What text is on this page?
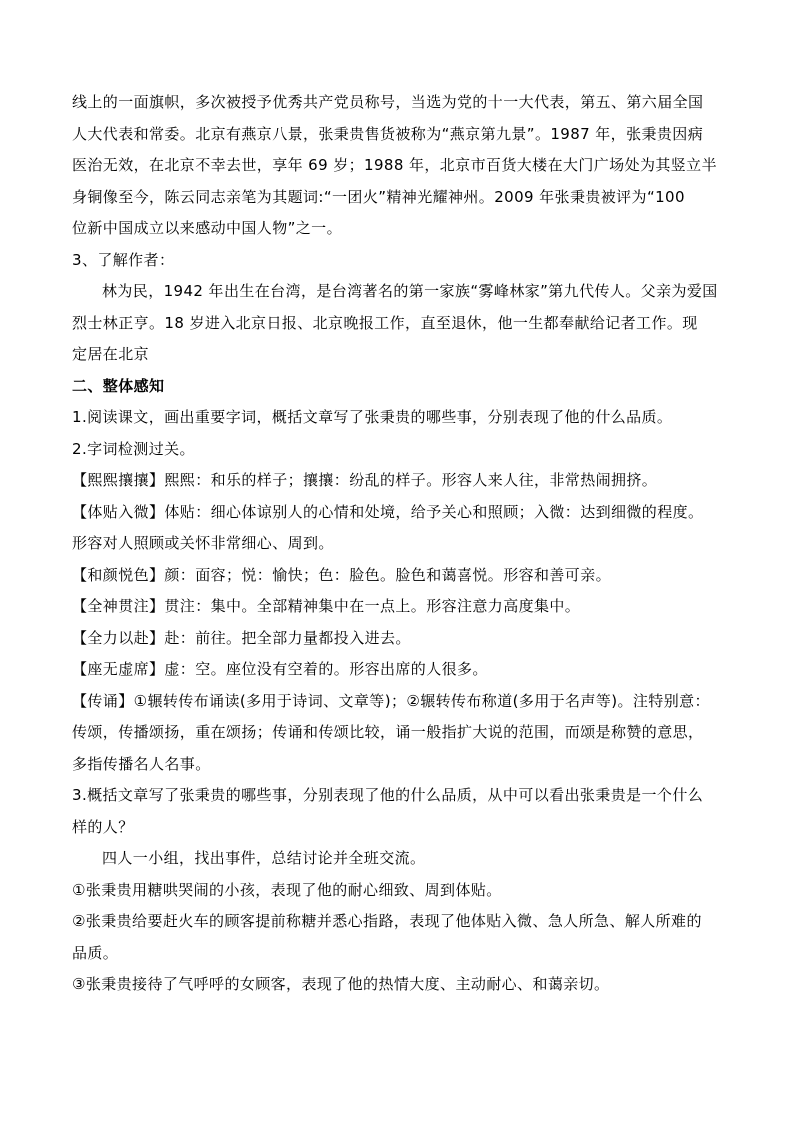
线上的一面旗帜，多次被授予优秀共产党员称号，当选为党的十一大代表，第五、第六届全国
人大代表和常委。北京有燕京八景，张秉贵售货被称为“燕京第九景”。1987 年，张秉贵因病
医治无效，在北京不幸去世，享年 69 岁；1988 年，北京市百货大楼在大门广场处为其竖立半
身铜像至今，陈云同志亲笔为其题词:“一团火”精神光耀神州。2009 年张秉贵被评为“100
位新中国成立以来感动中国人物”之一。
3、了解作者：
林为民，1942 年出生在台湾，是台湾著名的第一家族“雾峰林家”第九代传人。父亲为爱国
烈士林正亨。18 岁进入北京日报、北京晚报工作，直至退休，他一生都奉献给记者工作。现
定居在北京
二、整体感知
1.阅读课文，画出重要字词，概括文章写了张秉贵的哪些事，分别表现了他的什么品质。
2.字词检测过关。
【熙熙攘攘】熙熙：和乐的样子；攘攘：纷乱的样子。形容人来人往，非常热闹拥挤。
【体贴入微】体贴：细心体谅别人的心情和处境，给予关心和照顾；入微：达到细微的程度。
形容对人照顾或关怀非常细心、周到。
【和颜悦色】颜：面容；悦：愉快；色：脸色。脸色和蔼喜悦。形容和善可亲。
【全神贯注】贯注：集中。全部精神集中在一点上。形容注意力高度集中。
【全力以赴】赴：前往。把全部力量都投入进去。
【座无虚席】虚：空。座位没有空着的。形容出席的人很多。
【传诵】①辗转传布诵读(多用于诗词、文章等)；②辗转传布称道(多用于名声等)。注特别意：
传颂，传播颂扬，重在颂扬；传诵和传颂比较，诵一般指扩大说的范围，而颂是称赞的意思，
多指传播名人名事。
3.概括文章写了张秉贵的哪些事，分别表现了他的什么品质，从中可以看出张秉贵是一个什么
样的人？
四人一小组，找出事件，总结讨论并全班交流。
①张秉贵用糖哄哭闹的小孩，表现了他的耐心细致、周到体贴。
②张秉贵给要赶火车的顾客提前称糖并悉心指路，表现了他体贴入微、急人所急、解人所难的
品质。
③张秉贵接待了气呼呼的女顾客，表现了他的热情大度、主动耐心、和蔼亲切。
